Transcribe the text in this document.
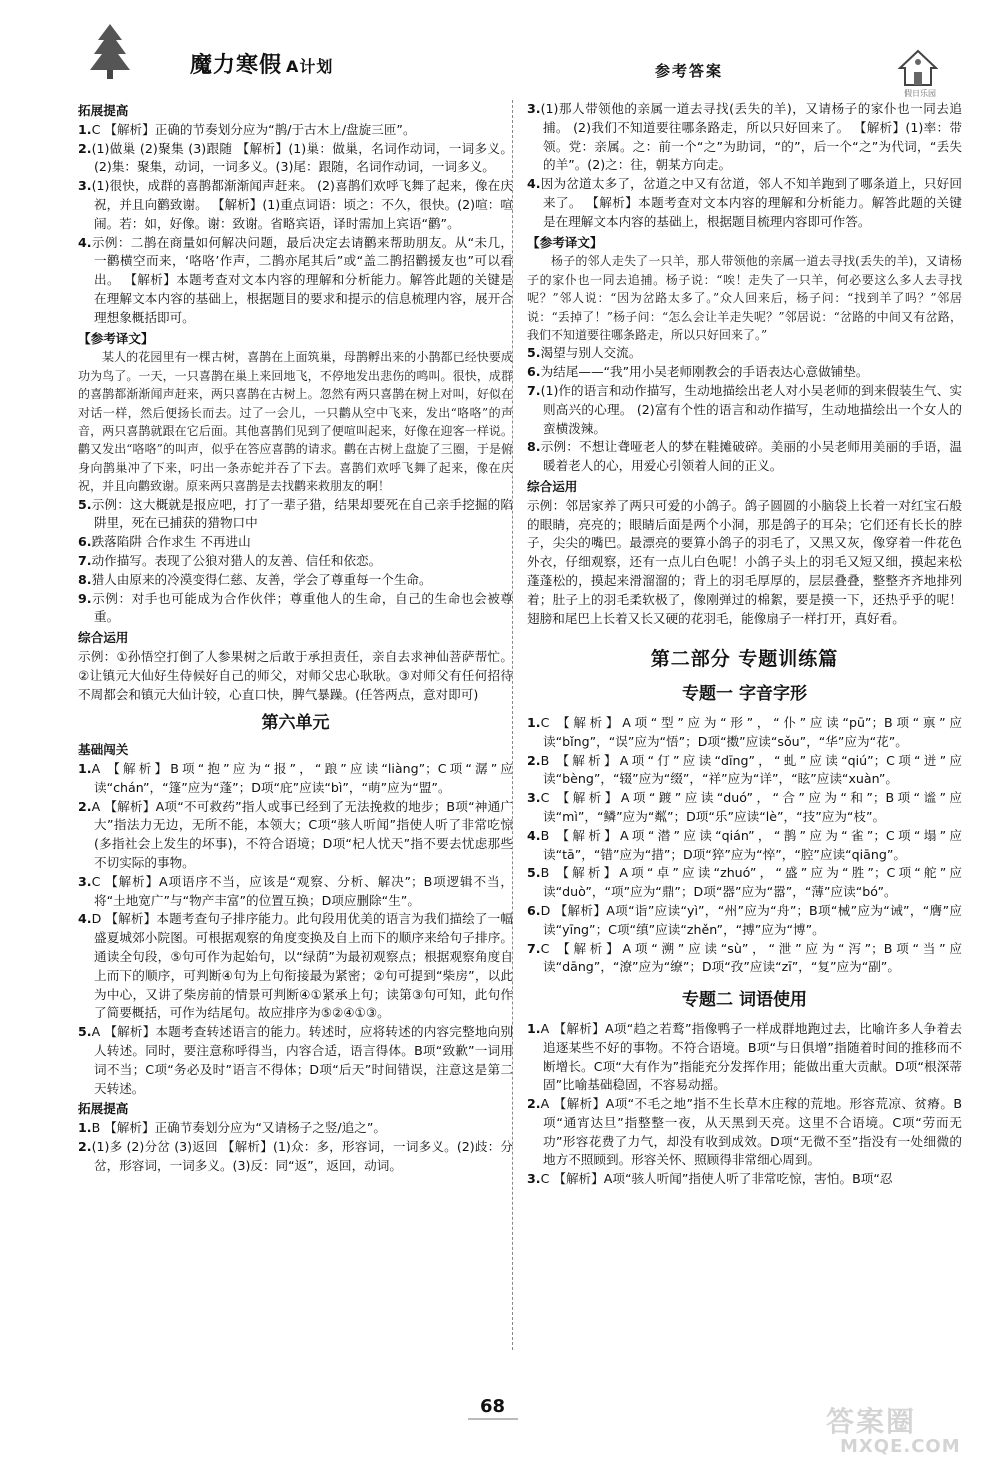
魔力寒假 A计划	参考答案
假日乐园
拓展提高
1.C 【解析】正确的节奏划分应为“鹊/于古木上/盘旋三匝”。
2.(1)做巢 (2)聚集 (3)跟随 【解析】(1)巢：做巢，名词作动词，一词多义。(2)集：聚集，动词，一词多义。(3)尾：跟随，名词作动词，一词多义。
3.(1)很快，成群的喜鹊都渐渐闻声赶来。 (2)喜鹊们欢呼飞舞了起来，像在庆祝，并且向鹳致谢。 【解析】(1)重点词语：顷之：不久，很快。(2)喧：喧闹。若：如，好像。谢：致谢。省略宾语，译时需加上宾语“鹳”。
4.示例：二鹊在商量如何解决问题，最后决定去请鹳来帮助朋友。从“未几，一鹳横空而来，‘咯咯’作声，二鹊亦尾其后”或“盖二鹊招鹳援友也”可以看出。 【解析】本题考查对文本内容的理解和分析能力。解答此题的关键是在理解文本内容的基础上，根据题目的要求和提示的信息梳理内容，展开合理想象概括即可。
【参考译文】
某人的花园里有一棵古树，喜鹊在上面筑巢，母鹊孵出来的小鹊都已经快要成功为鸟了。一天，一只喜鹊在巢上来回地飞，不停地发出悲伤的鸣叫。很快，成群的喜鹊都渐渐闻声赶来，两只喜鹊在古树上。忽然有两只喜鹊在树上对叫，好似在对话一样，然后便扬长而去。过了一会儿，一只鹳从空中飞来，发出“咯咯”的声音，两只喜鹊就跟在它后面。其他喜鹊们见到了便喧叫起来，好像在迎客一样说。鹳又发出“咯咯”的叫声，似乎在答应喜鹊的请求。鹳在古树上盘旋了三圈，于是俯身向鹊巢冲了下来，叼出一条赤蛇并吞了下去。喜鹊们欢呼飞舞了起来，像在庆祝，并且向鹳致谢。原来两只喜鹊是去找鹳来救朋友的啊！
5.示例：这大概就是报应吧，打了一辈子猎，结果却要死在自己亲手挖掘的陷阱里，死在已捕获的猎物口中
6.跌落陷阱 合作求生 不再进山
7.动作描写。表现了公狼对猎人的友善、信任和依恋。
8.猎人由原来的冷漠变得仁慈、友善，学会了尊重每一个生命。
9.示例：对手也可能成为合作伙伴；尊重他人的生命，自己的生命也会被尊重。
综合运用
示例：①孙悟空打倒了人参果树之后敢于承担责任，亲自去求神仙菩萨帮忙。②让镇元大仙好生侍候好自己的师父，对师父忠心耿耿。③对师父有任何招待不周都会和镇元大仙计较，心直口快，脾气暴躁。(任答两点，意对即可)
第六单元
基础闯关
1.A 【解析】B项“抱”应为“报”，“踉”应读“liàng”；C项“潺”应读“chán”，“篷”应为“蓬”；D项“庇”应读“bì”，“萌”应为“盟”。
2.A 【解析】A项“不可救药”指人或事已经到了无法挽救的地步；B项“神通广大”指法力无边，无所不能，本领大；C项“骇人听闻”指使人听了非常吃惊(多指社会上发生的坏事)，不符合语境；D项“杞人忧天”指不要去忧虑那些不切实际的事物。
3.C 【解析】A项语序不当，应该是“观察、分析、解决”；B项逻辑不当，将“土地宽广”与“物产丰富”的位置互换；D项应删除“生”。
4.D 【解析】本题考查句子排序能力。此句段用优美的语言为我们描绘了一幅盛夏城郊小院图。可根据观察的角度变换及自上而下的顺序来给句子排序。通读全句段，⑤句可作为起始句，以“绿荫”为最初观察点；根据观察角度自上而下的顺序，可判断④句为上句衔接最为紧密；②句可提到“柴房”，以此为中心，又讲了柴房前的情景可判断④①紧承上句；读第③句可知，此句作了简要概括，可作为结尾句。故应排序为⑤②④①③。
5.A 【解析】本题考查转述语言的能力。转述时，应将转述的内容完整地向别人转述。同时，要注意称呼得当，内容合适，语言得体。B项“致歉”一词用词不当；C项“务必及时”语言不得体；D项“后天”时间错误，注意这是第二天转述。
拓展提高
1.B 【解析】正确节奏划分应为“又请杨子之竖/追之”。
2.(1)多 (2)分岔 (3)返回 【解析】(1)众：多，形容词，一词多义。(2)歧：分岔，形容词，一词多义。(3)反：同“返”，返回，动词。
3.(1)那人带领他的亲属一道去寻找(丢失的羊)，又请杨子的家仆也一同去追捕。 (2)我们不知道要往哪条路走，所以只好回来了。 【解析】(1)率：带领。党：亲属。之：前一个“之”为助词，“的”，后一个“之”为代词，“丢失的羊”。(2)之：往，朝某方向走。
4.因为岔道太多了，岔道之中又有岔道，邻人不知羊跑到了哪条道上，只好回来了。 【解析】本题考查对文本内容的理解和分析能力。解答此题的关键是在理解文本内容的基础上，根据题目梳理内容即可作答。
【参考译文】
杨子的邻人走失了一只羊，那人带领他的亲属一道去寻找(丢失的羊)，又请杨子的家仆也一同去追捕。杨子说：“唉！走失了一只羊，何必要这么多人去寻找呢？”邻人说：“因为岔路太多了。”众人回来后，杨子问：“找到羊了吗？”邻居说：“丢掉了！”杨子问：“怎么会让羊走失呢？”邻居说：“岔路的中间又有岔路，我们不知道要往哪条路走，所以只好回来了。”
5.渴望与别人交流。
6.为结尾——“我”用小吴老师刚教会的手语表达心意做铺垫。
7.(1)作的语言和动作描写，生动地描绘出老人对小吴老师的到来假装生气、实则高兴的心理。 (2)富有个性的语言和动作描写，生动地描绘出一个女人的蛮横泼辣。
8.示例：不想让聋哑老人的梦在鞋摊破碎。美丽的小吴老师用美丽的手语，温暖着老人的心，用爱心引领着人间的正义。
综合运用
示例：邻居家养了两只可爱的小鸽子。鸽子圆圆的小脑袋上长着一对红宝石般的眼睛，亮亮的；眼睛后面是两个小洞，那是鸽子的耳朵；它们还有长长的脖子，尖尖的嘴巴。最漂亮的要算小鸽子的羽毛了，又黑又灰，像穿着一件花色外衣，仔细观察，还有一点儿白色呢！小鸽子头上的羽毛又短又细，摸起来松蓬蓬松的，摸起来滑溜溜的；背上的羽毛厚厚的，层层叠叠，整整齐齐地排列着；肚子上的羽毛柔软极了，像刚弹过的棉絮，要是摸一下，还热乎乎的呢！翅膀和尾巴上长着又长又硬的花羽毛，能像扇子一样打开，真好看。
第二部分 专题训练篇
专题一 字音字形
1.C 【解析】A项“型”应为“形”，“仆”应读“pū”；B项“禀”应读“bǐng”，“误”应为“悟”；D项“擞”应读“sǒu”，“华”应为“花”。
2.B 【解析】A项“仃”应读“dīng”，“虬”应读“qiú”；C项“迸”应读“bèng”，“辍”应为“缀”，“祥”应为“详”，“眩”应读“xuàn”。
3.C 【解析】A项“踱”应读“duó”，“合”应为“和”；B项“谧”应读“mì”，“鳞”应为“粼”；D项“乐”应读“lè”，“技”应为“枝”。
4.B 【解析】A项“潜”应读“qián”，“鹊”应为“雀”；C项“塌”应读“tā”，“错”应为“措”；D项“猝”应为“悴”，“腔”应读“qiāng”。
5.B 【解析】A项“卓”应读“zhuó”，“盛”应为“胜”；C项“舵”应读“duò”，“项”应为“鼎”；D项“器”应为“嚣”，“薄”应读“bó”。
6.D 【解析】A项“诣”应读“yì”，“州”应为“舟”；B项“械”应为“诫”，“膺”应读“yīng”；C项“缜”应读“zhěn”，“搏”应为“博”。
7.C 【解析】A项“溯”应读“sù”，“泄”应为“泻”；B项“当”应读“dāng”，“潦”应为“缭”；D项“孜”应读“zī”，“复”应为“副”。
专题二 词语使用
1.A 【解析】A项“趋之若鹜”指像鸭子一样成群地跑过去，比喻许多人争着去追逐某些不好的事物。不符合语境。B项“与日俱增”指随着时间的推移而不断增长。C项“大有作为”指能充分发挥作用；能做出重大贡献。D项“根深蒂固”比喻基础稳固，不容易动摇。
2.A 【解析】A项“不毛之地”指不生长草木庄稼的荒地。形容荒凉、贫瘠。B项“通宵达旦”指整整一夜，从天黑到天亮。这里不合语境。C项“劳而无功”形容花费了力气，却没有收到成效。D项“无微不至”指没有一处细微的地方不照顾到。形容关怀、照顾得非常细心周到。
3.C 【解析】A项“骇人听闻”指使人听了非常吃惊，害怕。B项“忍
68	答案圈
MXQE.COM
